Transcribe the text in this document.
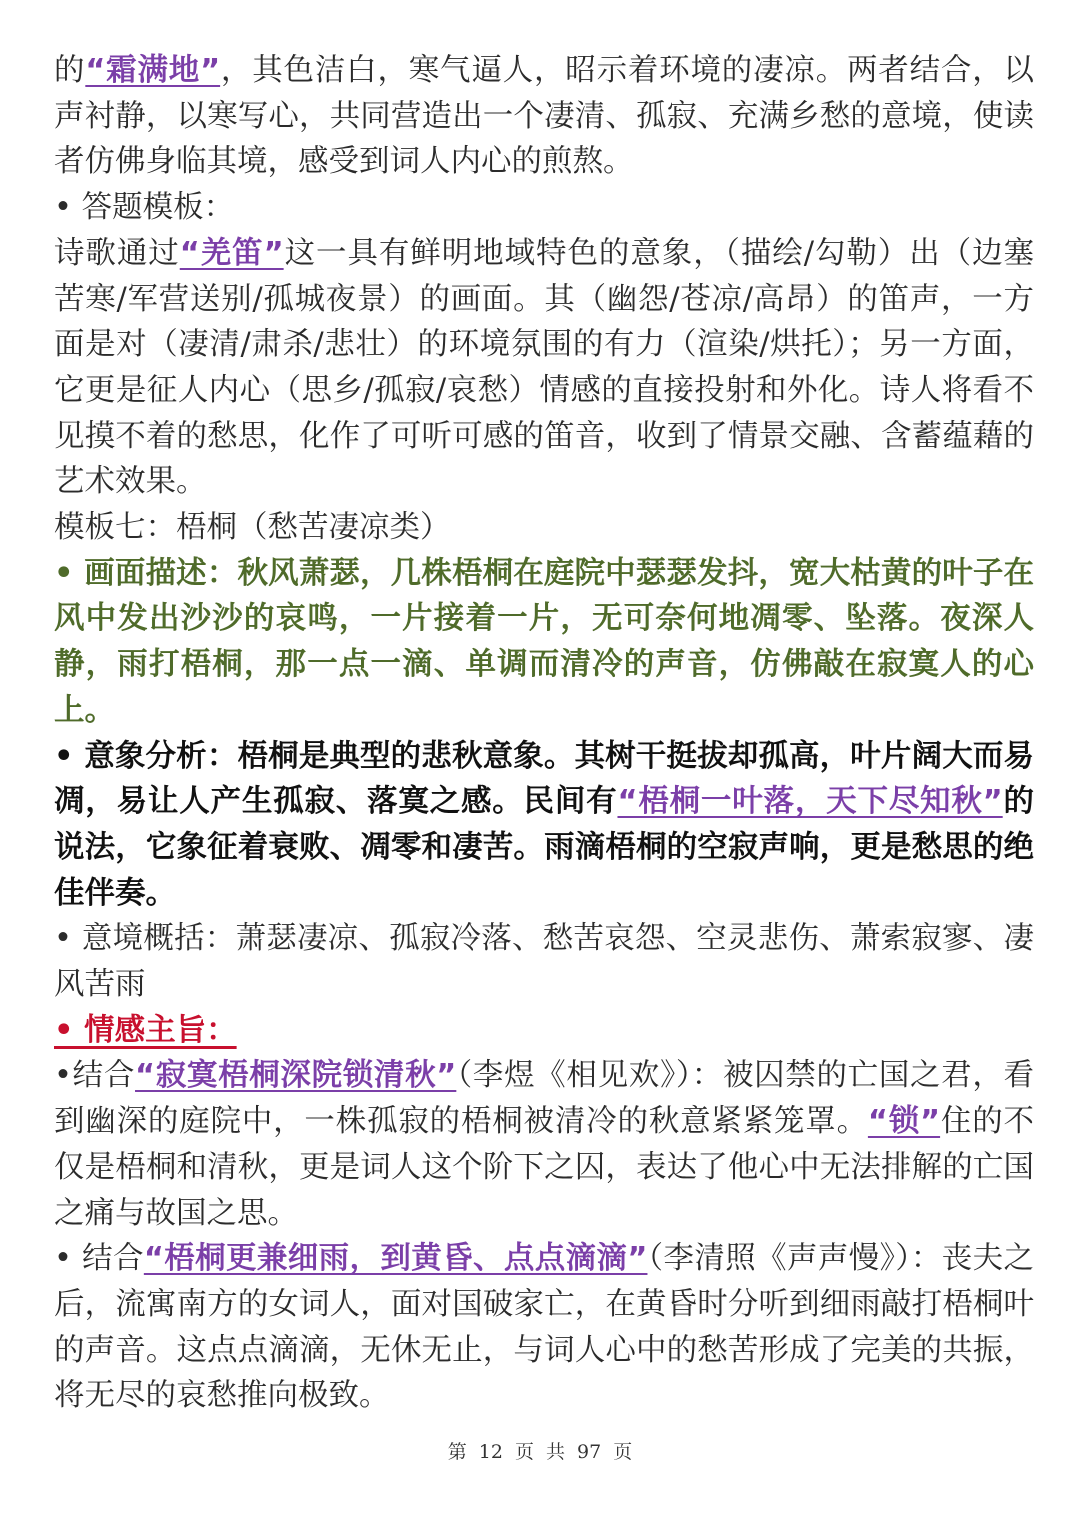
的“霜满地”，其色洁白，寒气逼人，昭示着环境的凄凉。两者结合，以声衬静，以寒写心，共同营造出一个凄清、孤寂、充满乡愁的意境，使读者仿佛身临其境，感受到词人内心的煎熬。

• 答题模板：

诗歌通过“羌笛”这一具有鲜明地域特色的意象，（描绘/勾勒）出（边塞苦寒/军营送别/孤城夜景）的画面。其（幽怨/苍凉/高昂）的笛声，一方面是对（凄清/肃杀/悲壮）的环境氛围的有力（渲染/烘托）；另一方面，它更是征人内心（思乡/孤寂/哀愁）情感的直接投射和外化。诗人将看不见摸不着的愁思，化作了可听可感的笛音，收到了情景交融、含蓄蕴藉的艺术效果。

模板七：梧桐（愁苦凄凉类）

• 画面描述：秋风萧瑟，几株梧桐在庭院中瑟瑟发抖，宽大枯黄的叶子在风中发出沙沙的哀鸣，一片接着一片，无可奈何地凋零、坠落。夜深人静，雨打梧桐，那一点一滴、单调而清冷的声音，仿佛敲在寂寞人的心上。

• 意象分析：梧桐是典型的悲秋意象。其树干挺拔却孤高，叶片阔大而易凋，易让人产生孤寂、落寞之感。民间有“梧桐一叶落，天下尽知秋”的说法，它象征着衰败、凋零和凄苦。雨滴梧桐的空寂声响，更是愁思的绝佳伴奏。

• 意境概括：萧瑟凄凉、孤寂冷落、愁苦哀怨、空灵悲伤、萧索寂寥、凄风苦雨

• 情感主旨：

•结合“寂寞梧桐深院锁清秋”（李煜《相见欢》）：被囚禁的亡国之君，看到幽深的庭院中，一株孤寂的梧桐被清冷的秋意紧紧笼罩。“锁”住的不仅是梧桐和清秋，更是词人这个阶下之囚，表达了他心中无法排解的亡国之痛与故国之思。

• 结合“梧桐更兼细雨，到黄昏、点点滴滴”（李清照《声声慢》）：丧夫之后，流寓南方的女词人，面对国破家亡，在黄昏时分听到细雨敲打梧桐叶的声音。这点点滴滴，无休无止，与词人心中的愁苦形成了完美的共振，将无尽的哀愁推向极致。

第 12 页 共 97 页
